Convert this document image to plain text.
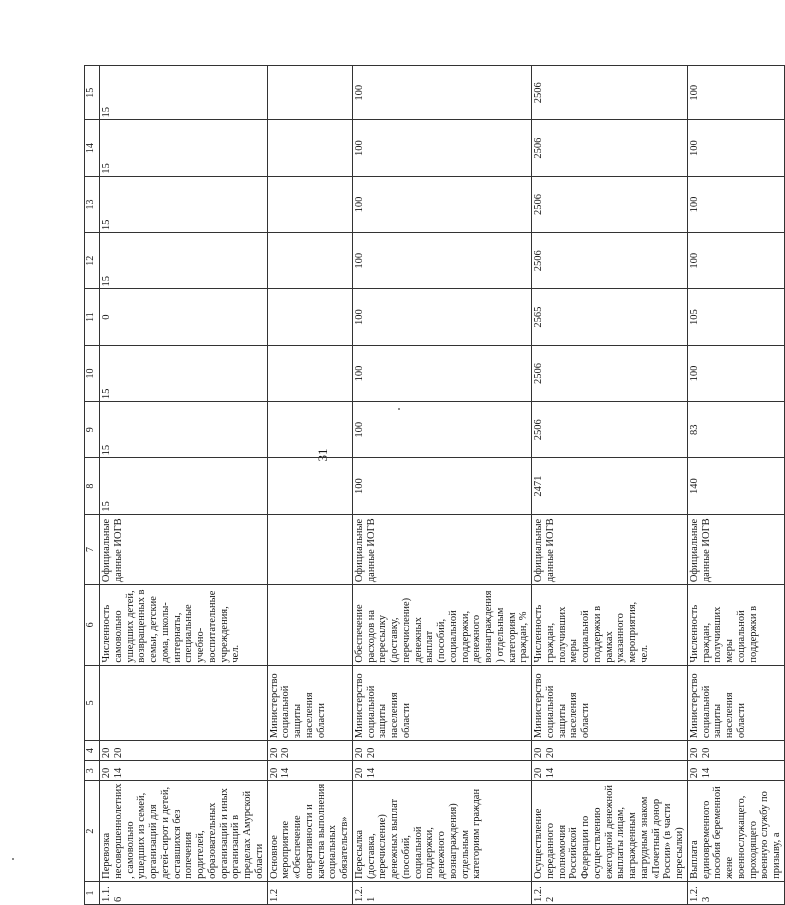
31
1	2	3	4	5	6	7	8	9	10	11	12	13	14	15
1.1.6	Перевозка несовершеннолетних, самовольно ушедших из семей, организаций для детей-сирот и детей, оставшихся без попечения родителей, образовательных организаций и иных организаций в пределах Амурской области	2014	2020		Численность самовольно ушедших детей, возвращенных в семьи, детские дома, школы-интернаты, специальные учебно-воспитательные учреждения, чел.	Официальные данные ИОГВ	15	15	15	0	15	15	15	15
1.2	Основное мероприятие «Обеспечение оперативности и качества выполнения социальных обязательств»	2014	2020	Министерство социальной защиты населения области										
1.2.1	Пересылка (доставка, перечисление) денежных выплат (пособий, социальной поддержки, денежного вознаграждения) отдельным категориям граждан	2014	2020	Министерство социальной защиты населения области	Обеспечение расходов на пересылку (доставку, перечисление) денежных выплат (пособий, социальной поддержки, денежного вознаграждения) отдельным категориям граждан, %	Официальные данные ИОГВ	100	100	100	100	100	100	100	100
1.2.2	Осуществление переданного полномочия Российской Федерации по осуществлению ежегодной денежной выплаты лицам, награжденным нагрудным знаком «Почетный донор России» (в части пересылки)	2014	2020	Министерство социальной защиты населения области	Численность граждан, получивших меры социальной поддержки в рамках указанного мероприятия, чел.	Официальные данные ИОГВ	2471	2506	2506	2565	2506	2506	2506	2506
1.2.3	Выплата единовременного пособия беременной жене военнослужащего, проходящего военную службу по призыву, а	2014	2020	Министерство социальной защиты населения области	Численность граждан, получивших меры социальной поддержки в	Официальные данные ИОГВ	140	83	100	105	100	100	100	100
